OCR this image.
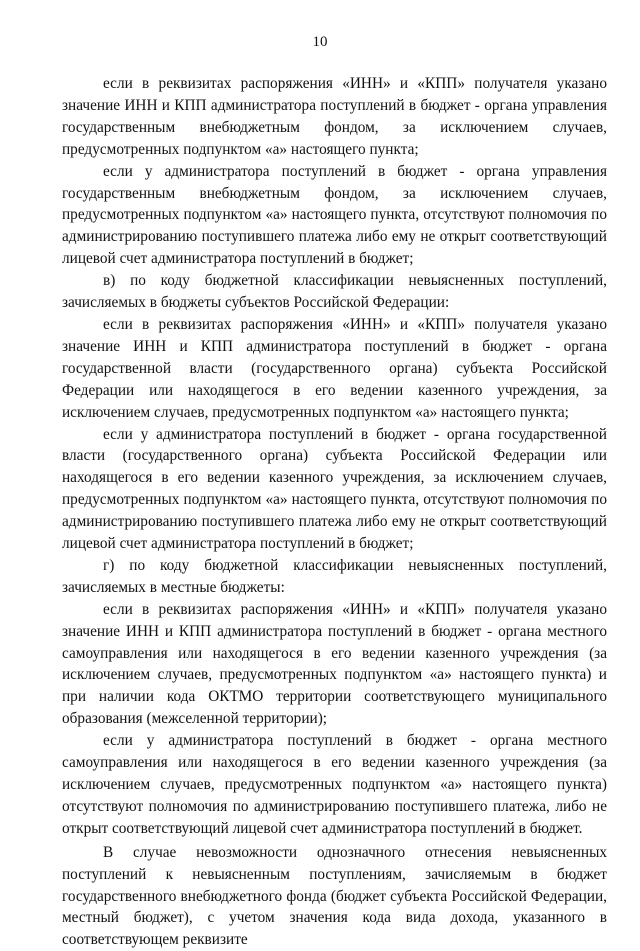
10

если в реквизитах распоряжения «ИНН» и «КПП» получателя указано значение ИНН и КПП администратора поступлений в бюджет - органа управления государственным внебюджетным фондом, за исключением случаев, предусмотренных подпунктом «а» настоящего пункта;

если у администратора поступлений в бюджет - органа управления государственным внебюджетным фондом, за исключением случаев, предусмотренных подпунктом «а» настоящего пункта, отсутствуют полномочия по администрированию поступившего платежа либо ему не открыт соответствующий лицевой счет администратора поступлений в бюджет;

в) по коду бюджетной классификации невыясненных поступлений, зачисляемых в бюджеты субъектов Российской Федерации:

если в реквизитах распоряжения «ИНН» и «КПП» получателя указано значение ИНН и КПП администратора поступлений в бюджет - органа государственной власти (государственного органа) субъекта Российской Федерации или находящегося в его ведении казенного учреждения, за исключением случаев, предусмотренных подпунктом «а» настоящего пункта;

если у администратора поступлений в бюджет - органа государственной власти (государственного органа) субъекта Российской Федерации или находящегося в его ведении казенного учреждения, за исключением случаев, предусмотренных подпунктом «а» настоящего пункта, отсутствуют полномочия по администрированию поступившего платежа либо ему не открыт соответствующий лицевой счет администратора поступлений в бюджет;

г) по коду бюджетной классификации невыясненных поступлений, зачисляемых в местные бюджеты:

если в реквизитах распоряжения «ИНН» и «КПП» получателя указано значение ИНН и КПП администратора поступлений в бюджет - органа местного самоуправления или находящегося в его ведении казенного учреждения (за исключением случаев, предусмотренных подпунктом «а» настоящего пункта) и при наличии кода ОКТМО территории соответствующего муниципального образования (межселенной территории);

если у администратора поступлений в бюджет - органа местного самоуправления или находящегося в его ведении казенного учреждения (за исключением случаев, предусмотренных подпунктом «а» настоящего пункта) отсутствуют полномочия по администрированию поступившего платежа, либо не открыт соответствующий лицевой счет администратора поступлений в бюджет.

В случае невозможности однозначного отнесения невыясненных поступлений к невыясненным поступлениям, зачисляемым в бюджет государственного внебюджетного фонда (бюджет субъекта Российской Федерации, местный бюджет), с учетом значения кода вида дохода, указанного в соответствующем реквизите
